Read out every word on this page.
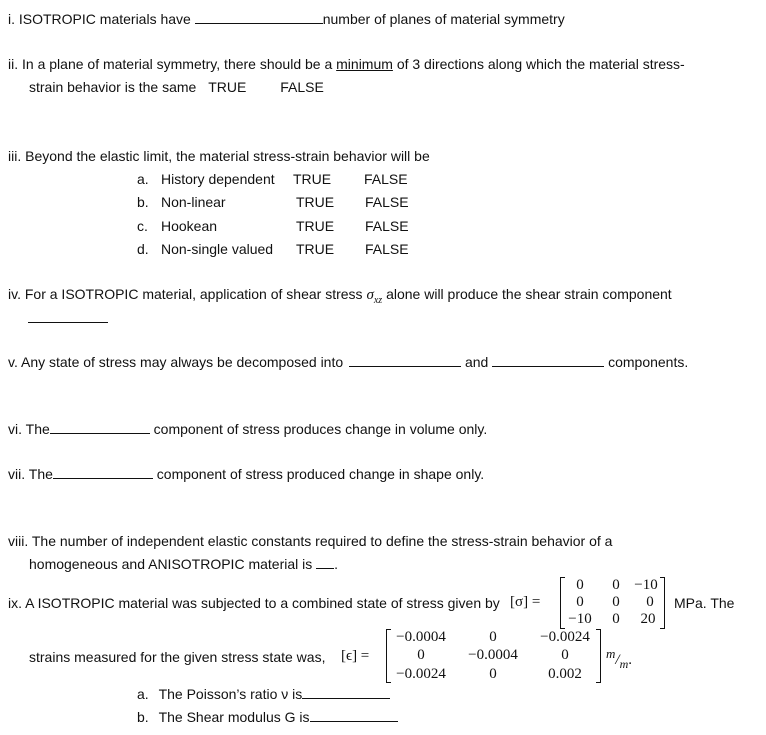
i. ISOTROPIC materials have	number of planes of material symmetry
ii. In a plane of material symmetry, there should be a minimum of 3 directions along which the material stress-
strain behavior is the same TRUE FALSE
iii. Beyond the elastic limit, the material stress-strain behavior will be
a. History dependent TRUE FALSE
b. Non-linear	TRUE FALSE
c. Hookean	TRUE FALSE
d. Non-single valued TRUE FALSE
iv. For a ISOTROPIC material, application of shear stress $\sigma_{xz}$ alone will produce the shear strain component
v. Any state of stress may always be decomposed into	and	components.
vi. The	component of stress produces change in volume only.
vii. The	component of stress produced change in shape only.
viii. The number of independent elastic constants required to define the stress-strain behavior of a
homogeneous and ANISOTROPIC material is .
ix. A ISOTROPIC material was subjected to a combined state of stress given by [σ] =
0	0 −10
0	0	0
−10	0	20
MPa. The
strains measured for the given stress state was, [ϵ] =
−0.0004	0	−0.0024
0	−0.0004	0
−0.0024	0	0.002
$^m/_m$.
a. The Poisson’s ratio ν is
b. The Shear modulus G is
